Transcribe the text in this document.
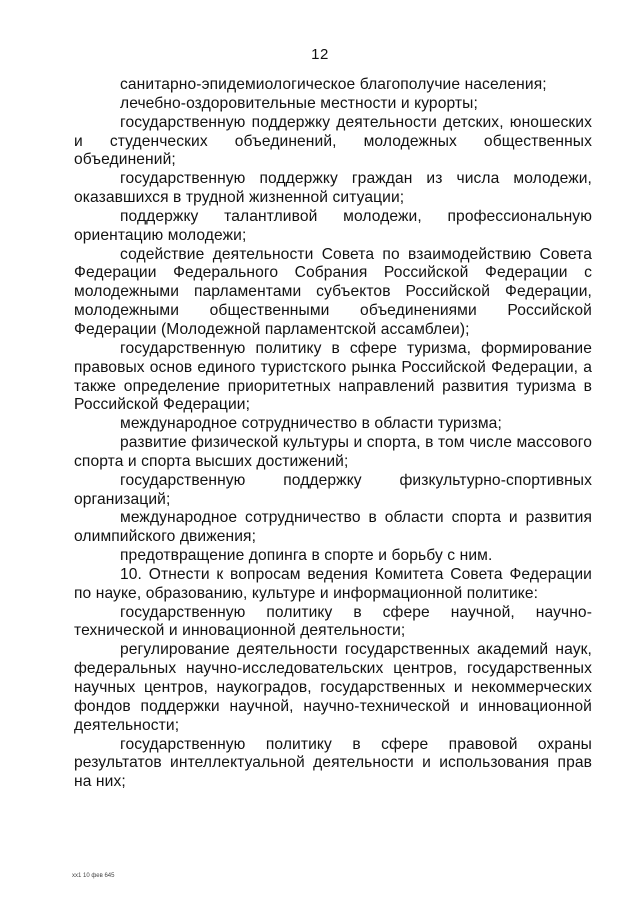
12

санитарно-эпидемиологическое благополучие населения;

лечебно-оздоровительные местности и курорты;

государственную поддержку деятельности детских, юношеских и студенческих объединений, молодежных общественных объединений;

государственную поддержку граждан из числа молодежи, оказавшихся в трудной жизненной ситуации;

поддержку талантливой молодежи, профессиональную ориентацию молодежи;

содействие деятельности Совета по взаимодействию Совета Федерации Федерального Собрания Российской Федерации с молодежными парламентами субъектов Российской Федерации, молодежными общественными объединениями Российской Федерации (Молодежной парламентской ассамблеи);

государственную политику в сфере туризма, формирование правовых основ единого туристского рынка Российской Федерации, а также определение приоритетных направлений развития туризма в Российской Федерации;

международное сотрудничество в области туризма;

развитие физической культуры и спорта, в том числе массового спорта и спорта высших достижений;

государственную поддержку физкультурно-спортивных организаций;

международное сотрудничество в области спорта и развития олимпийского движения;

предотвращение допинга в спорте и борьбу с ним.

10. Отнести к вопросам ведения Комитета Совета Федерации по науке, образованию, культуре и информационной политике:

государственную политику в сфере научной, научно-технической и инновационной деятельности;

регулирование деятельности государственных академий наук, федеральных научно-исследовательских центров, государственных научных центров, наукоградов, государственных и некоммерческих фондов поддержки научной, научно-технической и инновационной деятельности;

государственную политику в сфере правовой охраны результатов интеллектуальной деятельности и использования прав на них;

хх1 10 фев 645
